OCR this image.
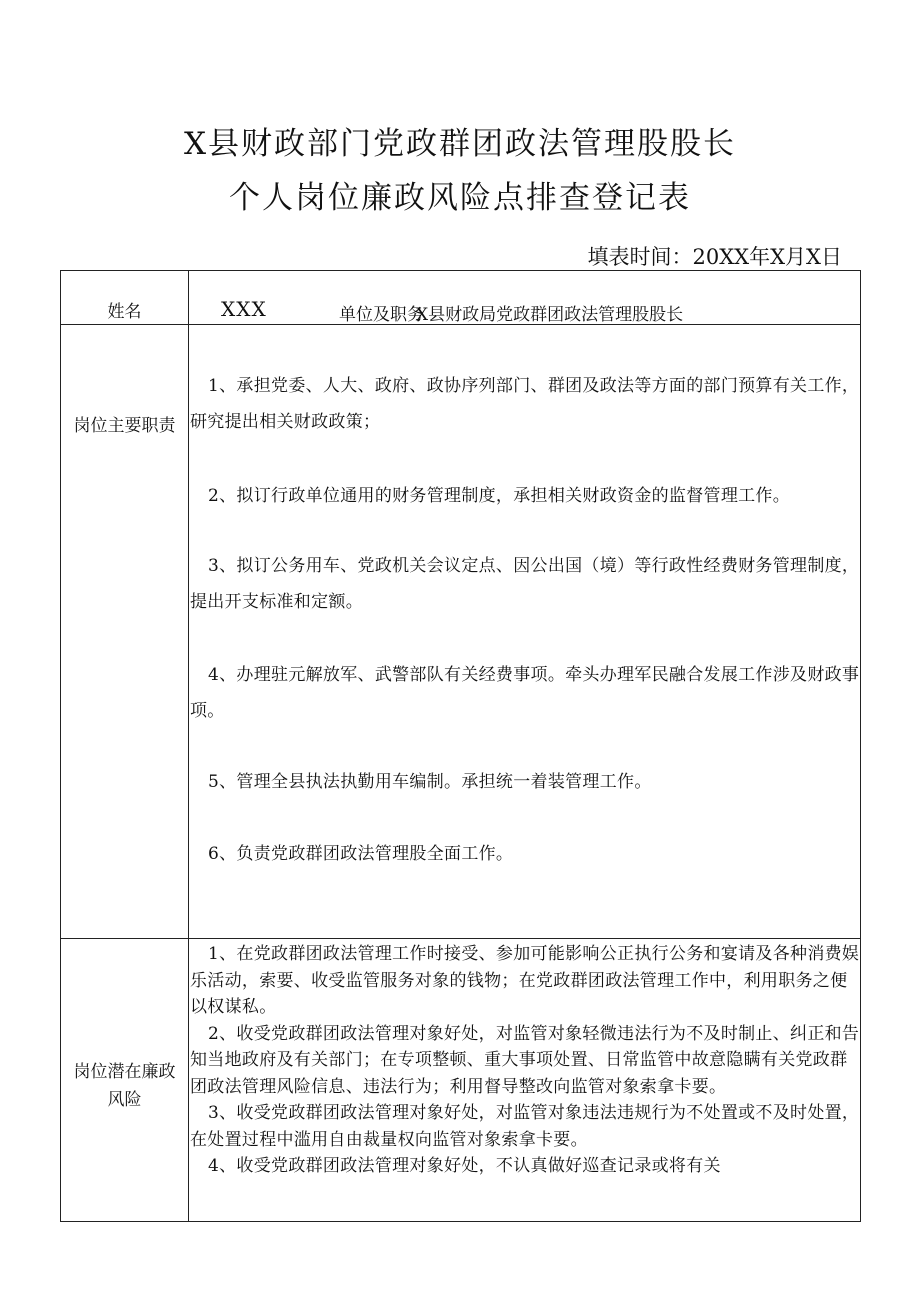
X县财政部门党政群团政法管理股股长
个人岗位廉政风险点排查登记表
填表时间：20XX年X月X日
姓名	XXX	单位及职务
X县财政局党政群团政法管理股股长
岗位主要职责
1、承担党委、人大、政府、政协序列部门、群团及政法等方面的部门预算有关工作，研究提出相关财政政策；
2、拟订行政单位通用的财务管理制度，承担相关财政资金的监督管理工作。
3、拟订公务用车、党政机关会议定点、因公出国（境）等行政性经费财务管理制度，提出开支标准和定额。
4、办理驻元解放军、武警部队有关经费事项。牵头办理军民融合发展工作涉及财政事项。
5、管理全县执法执勤用车编制。承担统一着装管理工作。
6、负责党政群团政法管理股全面工作。
岗位潜在廉政
风险
1、在党政群团政法管理工作时接受、参加可能影响公正执行公务和宴请及各种消费娱乐活动，索要、收受监管服务对象的钱物；在党政群团政法管理工作中，利用职务之便以权谋私。
2、收受党政群团政法管理对象好处，对监管对象轻微违法行为不及时制止、纠正和告知当地政府及有关部门；在专项整顿、重大事项处置、日常监管中故意隐瞒有关党政群团政法管理风险信息、违法行为；利用督导整改向监管对象索拿卡要。
3、收受党政群团政法管理对象好处，对监管对象违法违规行为不处置或不及时处置，在处置过程中滥用自由裁量权向监管对象索拿卡要。
4、收受党政群团政法管理对象好处，不认真做好巡查记录或将有关
